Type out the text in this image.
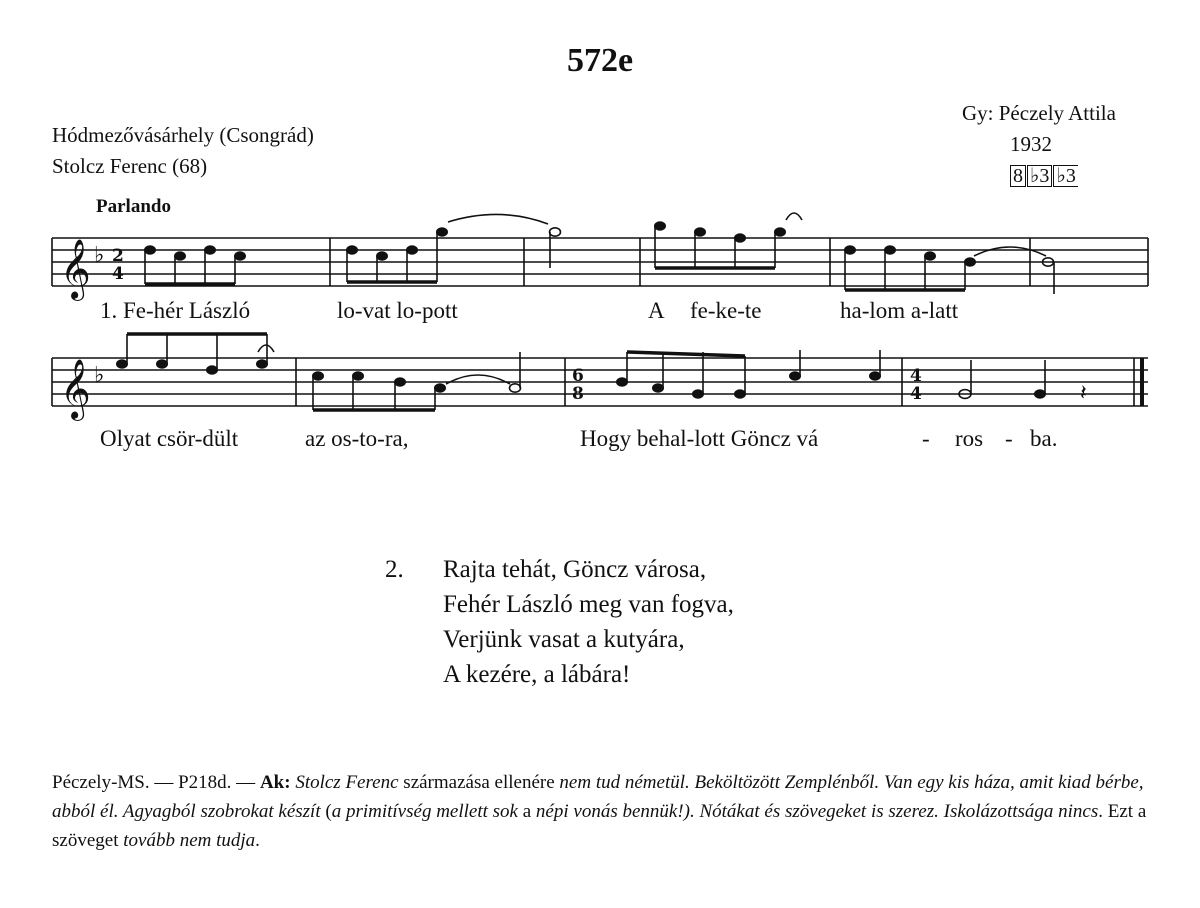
572e
Hódmezővásárhely (Csongrád)
Stolcz Ferenc (68)
Gy: Péczely Attila
1932
8 ♭3 ♭3
Parlando
𝄞 ♭ 2
4
𝄞 ♭	6
8
4
4	𝄽
1. Fe-hér László	lo-vat lo-pott	A fe-ke-te	ha-lom a-latt
Olyat csör-dült	az os-to-ra,	Hogy behal-lott Göncz vá	- ros - ba.
2. Rajta tehát, Göncz városa,
Fehér László meg van fogva,
Verjünk vasat a kutyára,
A kezére, a lábára!
Péczely-MS. — P218d. — Ak: Stolcz Ferenc származása ellenére nem tud németül. Beköltözött Zemplénből. Van egy kis háza, amit kiad bérbe, abból él. Agyagból szobrokat készít (a primitívség mellett sok a népi vonás bennük!). Nótákat és szövegeket is szerez. Iskolázottsága nincs. Ezt a szöveget tovább nem tudja.
